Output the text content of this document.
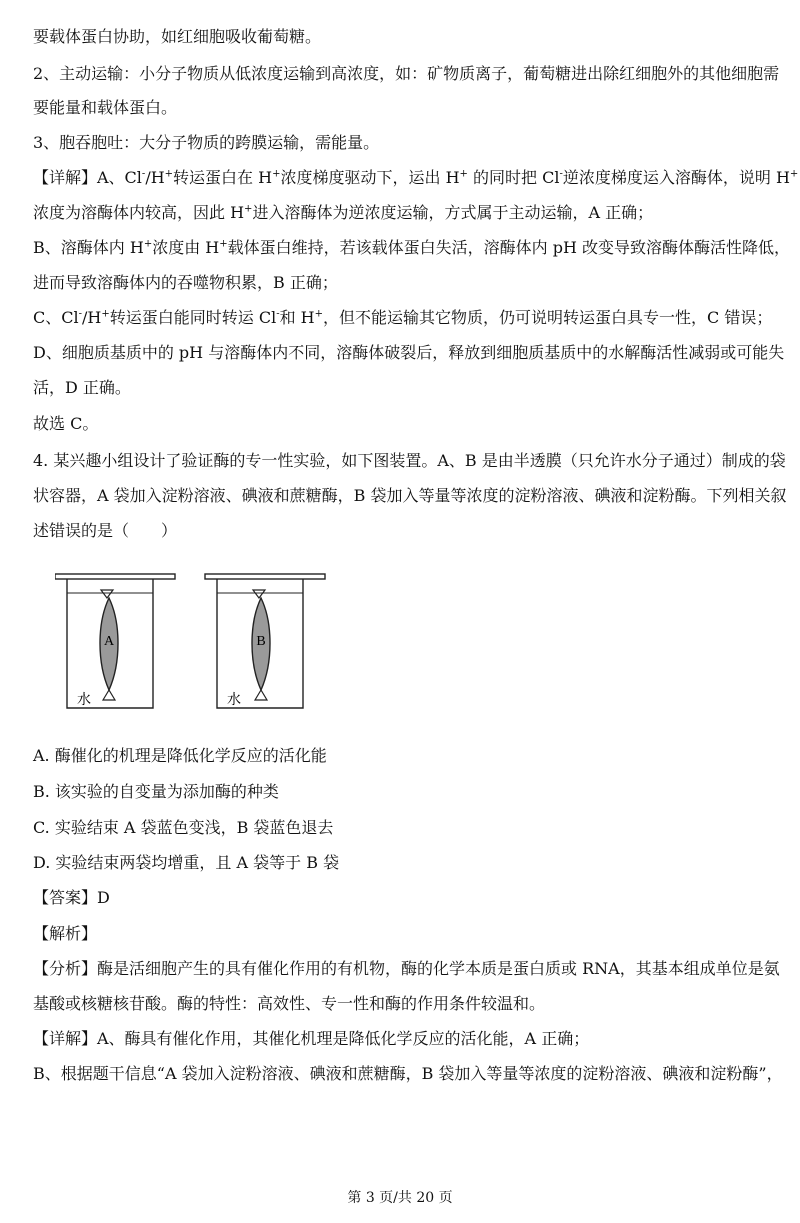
要载体蛋白协助，如红细胞吸收葡萄糖。
2、主动运输：小分子物质从低浓度运输到高浓度，如：矿物质离子，葡萄糖进出除红细胞外的其他细胞需
要能量和载体蛋白。
3、胞吞胞吐：大分子物质的跨膜运输，需能量。
【详解】A、Cl-/H+转运蛋白在 H+浓度梯度驱动下，运出 H+ 的同时把 Cl-逆浓度梯度运入溶酶体，说明 H+
浓度为溶酶体内较高，因此 H+进入溶酶体为逆浓度运输，方式属于主动运输，A 正确；
B、溶酶体内 H+浓度由 H+载体蛋白维持，若该载体蛋白失活，溶酶体内 pH 改变导致溶酶体酶活性降低，
进而导致溶酶体内的吞噬物积累，B 正确；
C、Cl-/H+转运蛋白能同时转运 Cl-和 H+，但不能运输其它物质，仍可说明转运蛋白具专一性，C 错误；
D、细胞质基质中的 pH 与溶酶体内不同，溶酶体破裂后，释放到细胞质基质中的水解酶活性减弱或可能失
活，D 正确。
故选 C。
4. 某兴趣小组设计了验证酶的专一性实验，如下图装置。A、B 是由半透膜（只允许水分子通过）制成的袋
状容器，A 袋加入淀粉溶液、碘液和蔗糖酶，B 袋加入等量等浓度的淀粉溶液、碘液和淀粉酶。下列相关叙
述错误的是（　　）
A
水
B
水
A. 酶催化的机理是降低化学反应的活化能
B. 该实验的自变量为添加酶的种类
C. 实验结束 A 袋蓝色变浅，B 袋蓝色退去
D. 实验结束两袋均增重，且 A 袋等于 B 袋
【答案】D
【解析】
【分析】酶是活细胞产生的具有催化作用的有机物，酶的化学本质是蛋白质或 RNA，其基本组成单位是氨
基酸或核糖核苷酸。酶的特性：高效性、专一性和酶的作用条件较温和。
【详解】A、酶具有催化作用，其催化机理是降低化学反应的活化能，A 正确；
B、根据题干信息“A 袋加入淀粉溶液、碘液和蔗糖酶，B 袋加入等量等浓度的淀粉溶液、碘液和淀粉酶”，
第 3 页/共 20 页
